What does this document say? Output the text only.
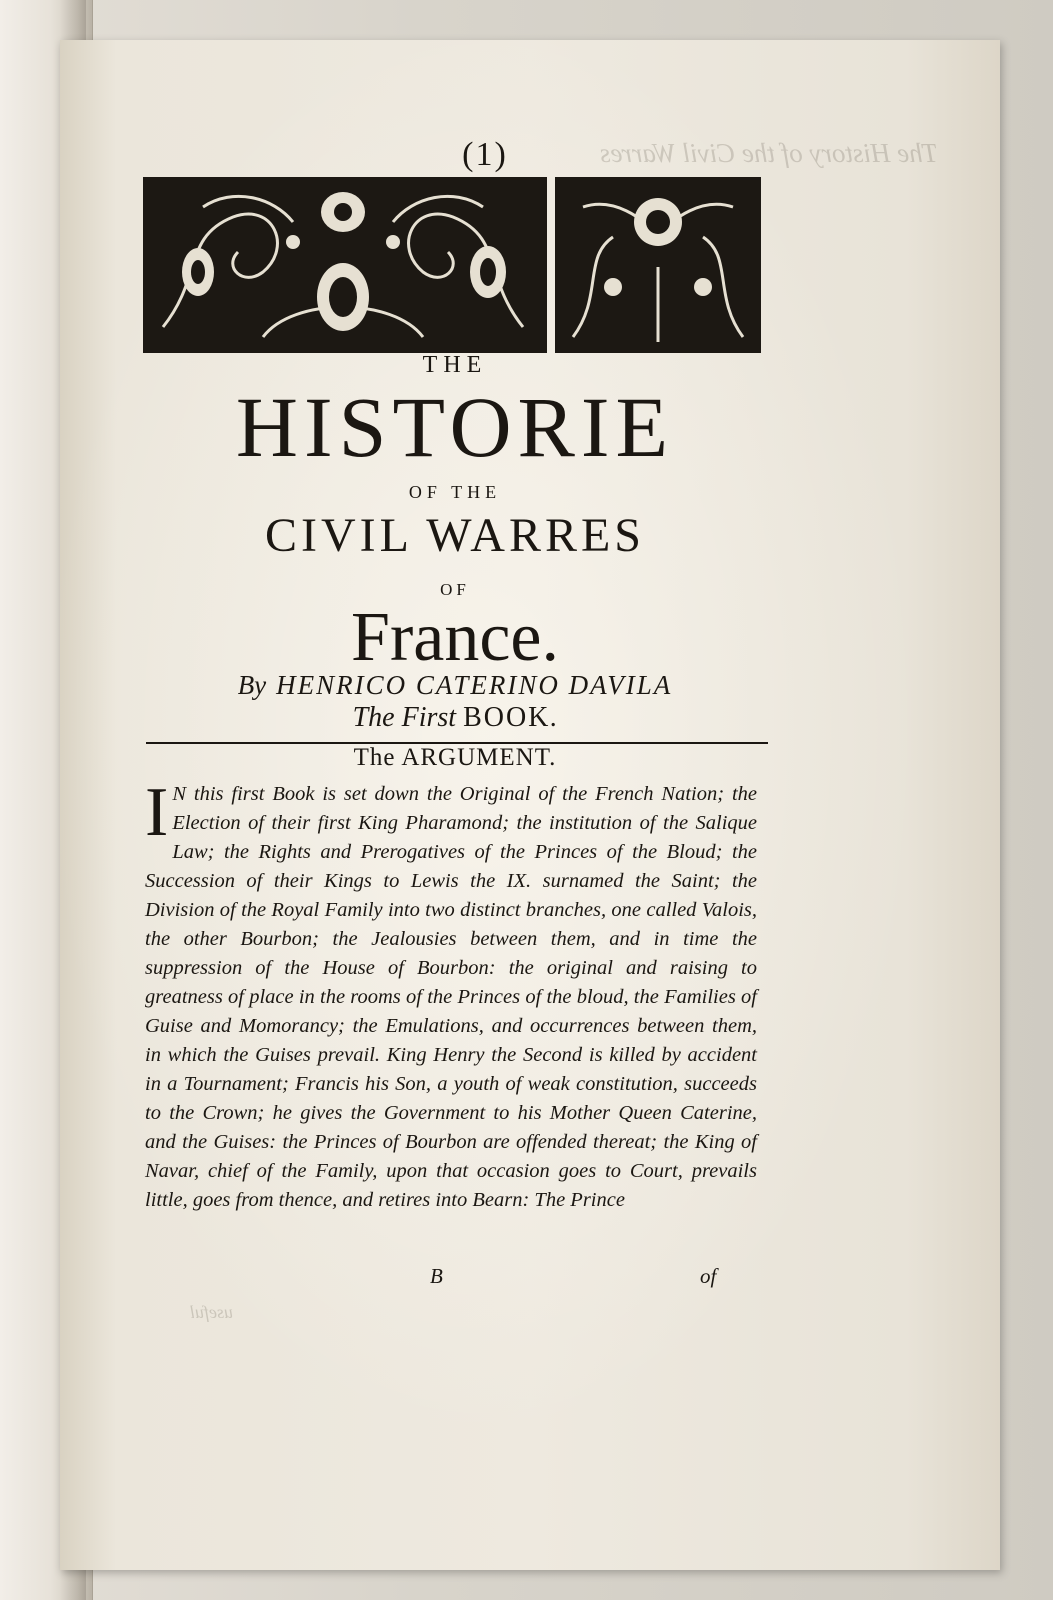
The History of the Civil Warres
useful
(1)
THE
HISTORIE
OF THE
CIVIL WARRES
OF
France.
By HENRICO CATERINO DAVILA
The First BOOK.
The ARGUMENT.
I N this first Book is set down the Original of the French Nation; the Election of their first King Pharamond; the institution of the Salique Law; the Rights and Prerogatives of the Princes of the Bloud; the Succession of their Kings to Lewis the IX. surnamed the Saint; the Division of the Royal Family into two distinct branches, one called Valois, the other Bourbon; the Jealousies between them, and in time the suppression of the House of Bourbon: the original and raising to greatness of place in the rooms of the Princes of the bloud, the Families of Guise and Momorancy; the Emulations, and occurrences between them, in which the Guises prevail. King Henry the Second is killed by accident in a Tournament; Francis his Son, a youth of weak constitution, succeeds to the Crown; he gives the Government to his Mother Queen Caterine, and the Guises: the Princes of Bourbon are offended thereat; the King of Navar, chief of the Family, upon that occasion goes to Court, prevails little, goes from thence, and retires into Bearn: The Prince
B	of
